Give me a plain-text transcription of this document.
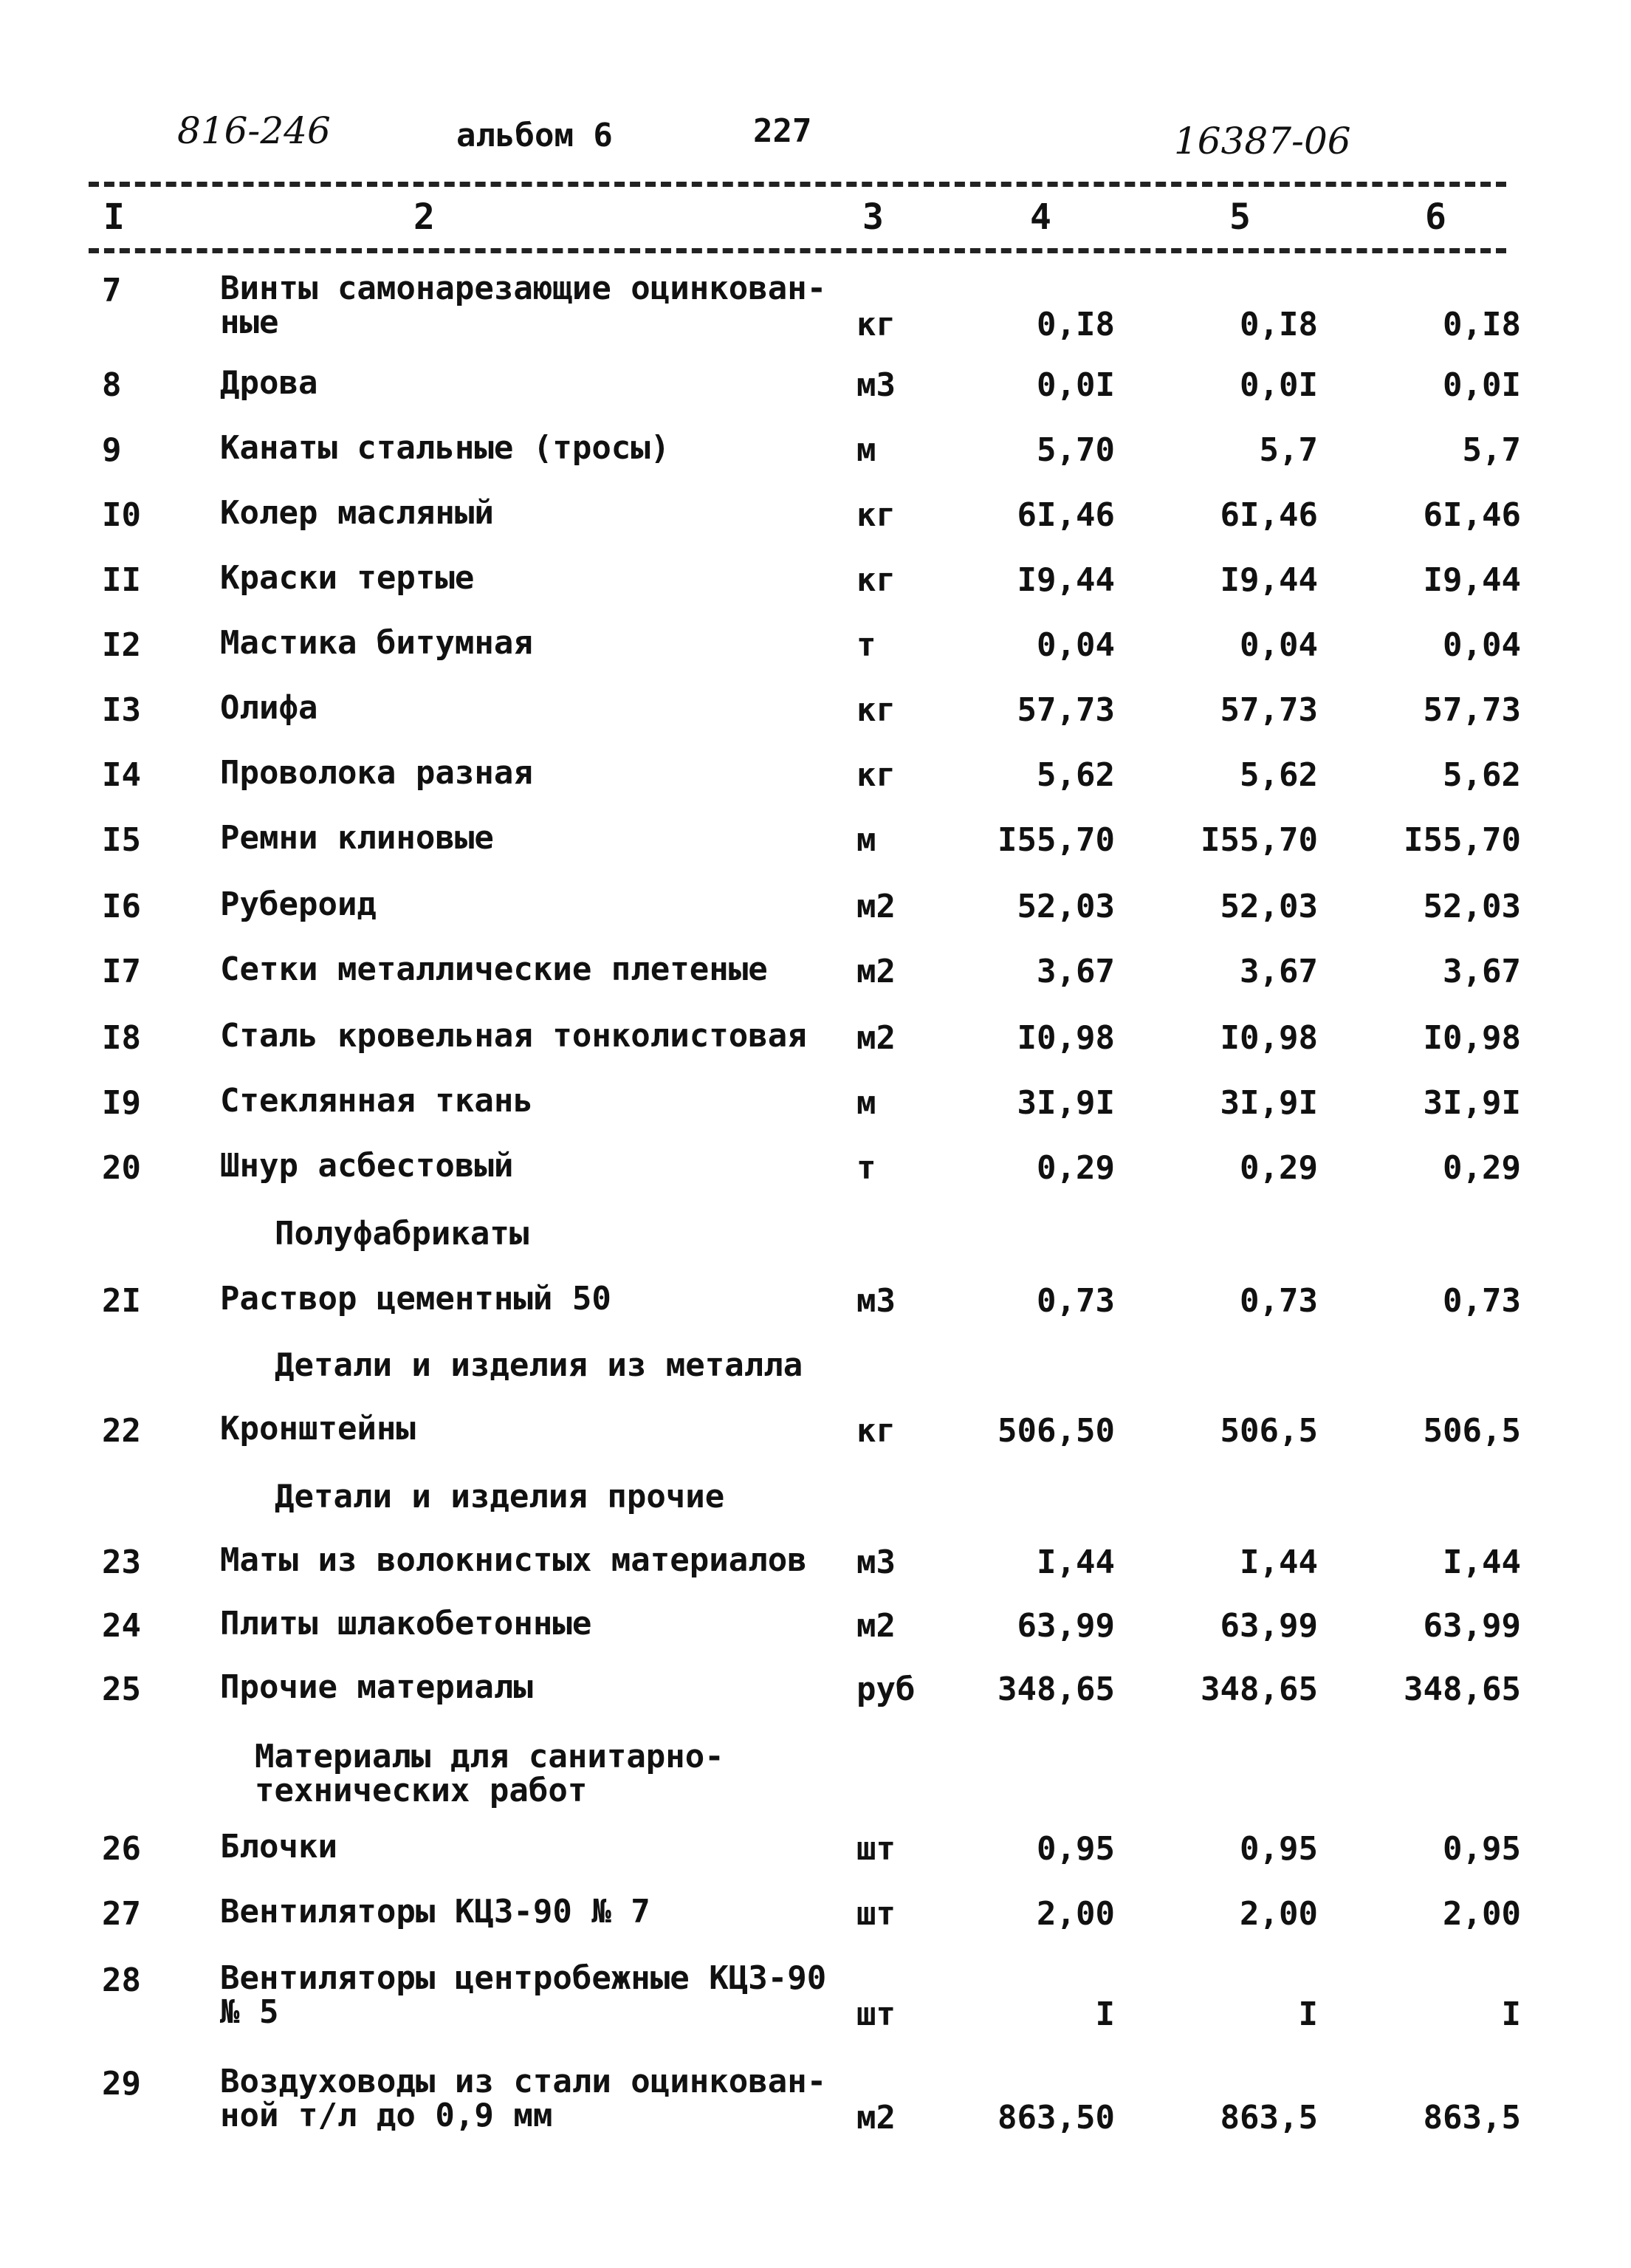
816-246	альбом 6	227	16387-06
I	2	3	4	5	6
7	Винты самонарезающие оцинкован-
ные	кг	0,I8	0,I8	0,I8
8	Дрова	м3	0,0I	0,0I	0,0I
9	Канаты стальные (тросы)	м	5,70	5,7	5,7
I0	Колер масляный	кг	6I,46	6I,46	6I,46
II	Краски тертые	кг	I9,44	I9,44	I9,44
I2	Мастика битумная	т	0,04	0,04	0,04
I3	Олифа	кг	57,73	57,73	57,73
I4	Проволока разная	кг	5,62	5,62	5,62
I5	Ремни клиновые	м	I55,70	I55,70	I55,70
I6	Рубероид	м2	52,03	52,03	52,03
I7	Сетки металлические плетеные	м2	3,67	3,67	3,67
I8	Сталь кровельная тонколистовая	м2	I0,98	I0,98	I0,98
I9	Стеклянная ткань	м	3I,9I	3I,9I	3I,9I
20	Шнур асбестовый	т	0,29	0,29	0,29
Полуфабрикаты
2I	Раствор цементный 50	м3	0,73	0,73	0,73
Детали и изделия из металла
22	Кронштейны	кг	506,50	506,5	506,5
Детали и изделия прочие
23	Маты из волокнистых материалов	м3	I,44	I,44	I,44
24	Плиты шлакобетонные	м2	63,99	63,99	63,99
25	Прочие материалы	руб	348,65	348,65	348,65
Материалы для санитарно-
технических работ
26	Блочки	шт	0,95	0,95	0,95
27	Вентиляторы КЦЗ-90 № 7	шт	2,00	2,00	2,00
28	Вентиляторы центробежные КЦЗ-90
№ 5	шт	I	I	I
29	Воздуховоды из стали оцинкован-
ной т/л до 0,9 мм	м2	863,50	863,5	863,5
